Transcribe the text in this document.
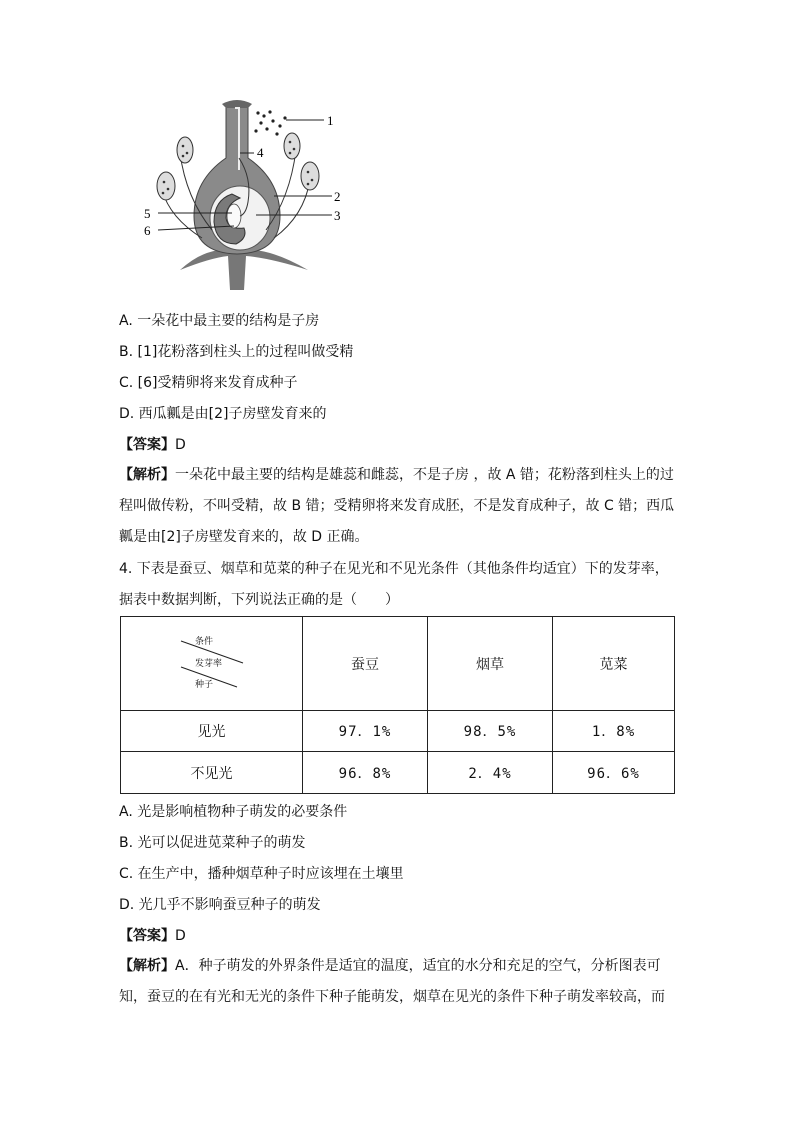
1
4
2
3
5
6
A. 一朵花中最主要的结构是子房
B. [1]花粉落到柱头上的过程叫做受精
C. [6]受精卵将来发育成种子
D. 西瓜瓤是由[2]子房壁发育来的
【答案】D
【解析】一朵花中最主要的结构是雄蕊和雌蕊，不是子房 ，故 A 错；花粉落到柱头上的过程叫做传粉，不叫受精，故 B 错；受精卵将来发育成胚，不是发育成种子，故 C 错；西瓜瓤是由[2]子房壁发育来的，故 D 正确。
4. 下表是蚕豆、烟草和苋菜的种子在见光和不见光条件（其他条件均适宜）下的发芽率，据表中数据判断，下列说法正确的是（　　）
条件
发芽率
种子	蚕豆	烟草	苋菜
见光	97．1%	98．5%	1．8%
不见光	96．8%	2．4%	96．6%
A. 光是影响植物种子萌发的必要条件
B. 光可以促进苋菜种子的萌发
C. 在生产中，播种烟草种子时应该埋在土壤里
D. 光几乎不影响蚕豆种子的萌发
【答案】D
【解析】A．种子萌发的外界条件是适宜的温度，适宜的水分和充足的空气，分析图表可知，蚕豆的在有光和无光的条件下种子能萌发，烟草在见光的条件下种子萌发率较高，而
